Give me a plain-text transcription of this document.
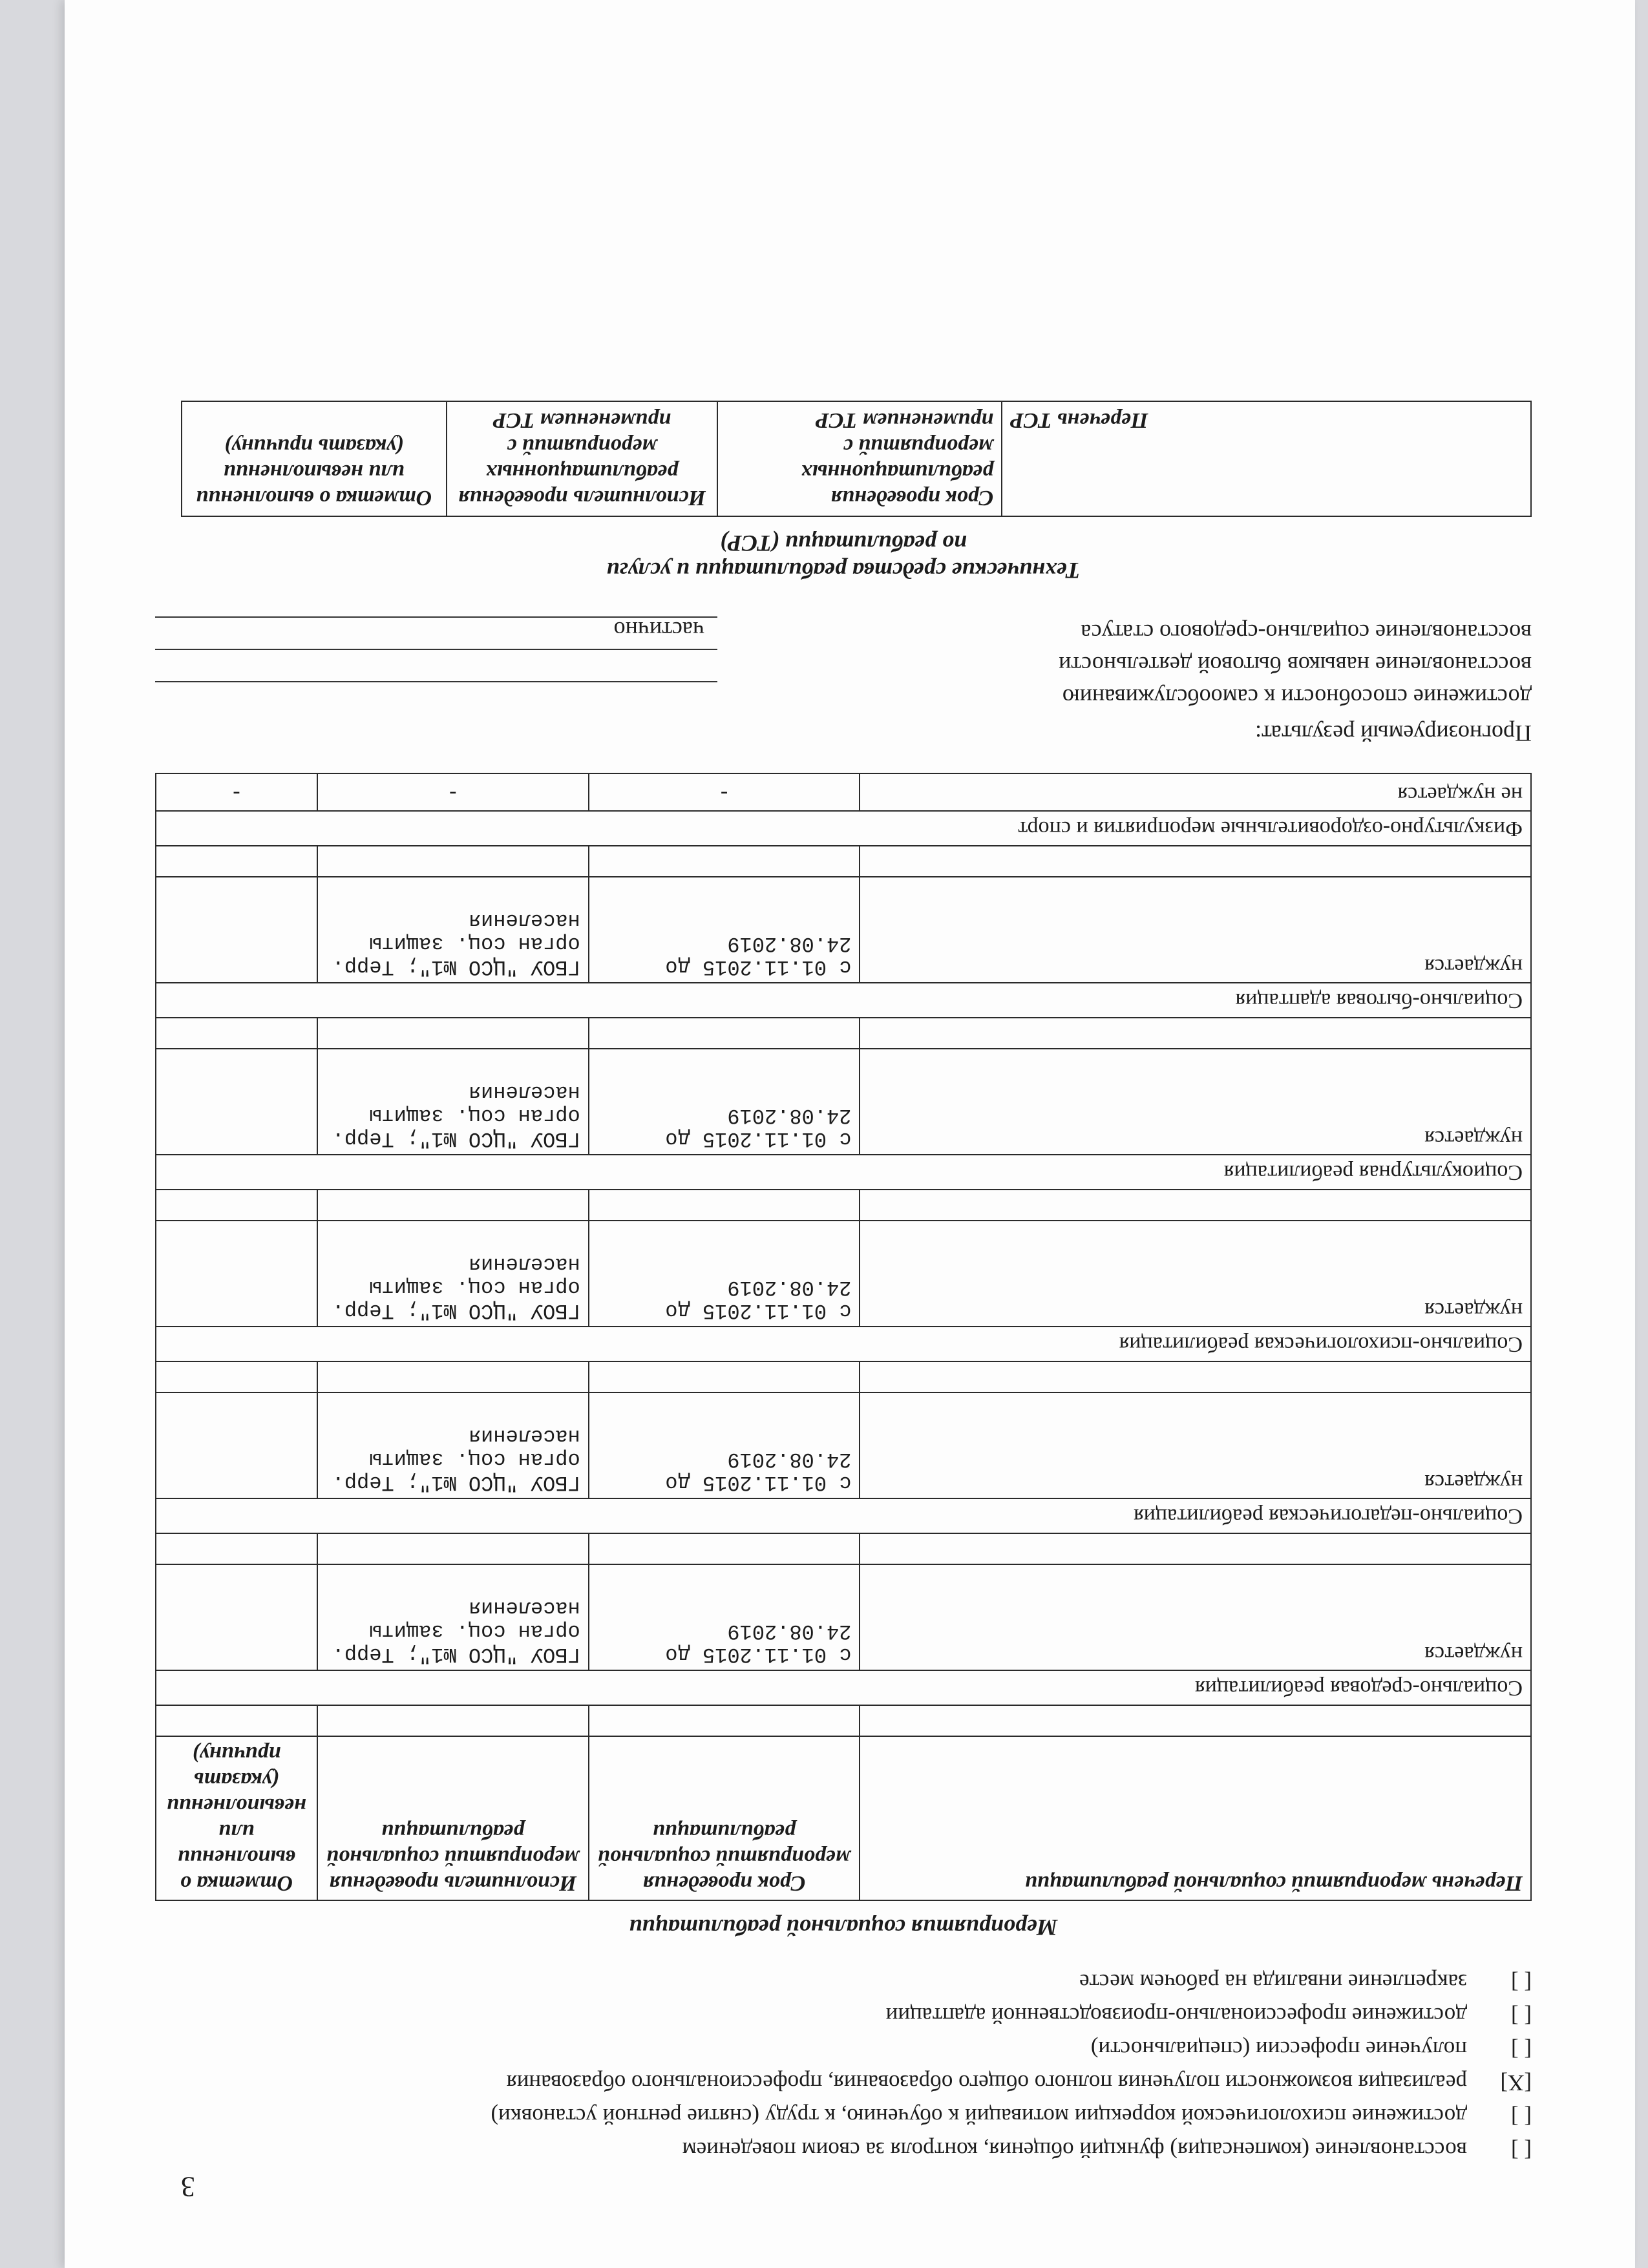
3
[ ]
восстановление (компенсация) функций общения, контроля за своим поведением
[ ]
достижение психологической коррекции мотиваций к обучению, к труду (снятие рентной установки)
[X]
реализация возможности получения полного общего образования, профессионального образования
[ ]
получение профессии (специальности)
[ ]
достижение профессионально-производственной адаптации
[ ]
закрепление инвалида на рабочем месте
Мероприятия социальной реабилитации
Перечень мероприятий социальной реабилитации	Срок проведения мероприятий социальной реабилитации	Исполнитель проведения мероприятий социальной реабилитации	Отметка о выполнении или невыполнении (указать причину)

Социально-средовая реабилитация			
нуждается	с 01.11.2015 до 24.08.2019	ГБОУ "ЦСО №1"; Терр. орган соц. защиты населения	

Социально-педагогическая реабилитация			
нуждается	с 01.11.2015 до 24.08.2019	ГБОУ "ЦСО №1"; Терр. орган соц. защиты населения	

Социально-психологическая реабилитация			
нуждается	с 01.11.2015 до 24.08.2019	ГБОУ "ЦСО №1"; Терр. орган соц. защиты населения	

Социокультурная реабилитация			
нуждается	с 01.11.2015 до 24.08.2019	ГБОУ "ЦСО №1"; Терр. орган соц. защиты населения	

Социально-бытовая адаптация			
нуждается	с 01.11.2015 до 24.08.2019	ГБОУ "ЦСО №1"; Терр. орган соц. защиты населения	

Физкультурно-оздоровительные мероприятия и спорт			
не нуждается	-	-	-
Прогнозируемый результат:
достижение способности к самообслуживанию
восстановление навыков бытовой деятельности
восстановление социально-средового статуса
частично
Технические средства реабилитации и услуги
по реабилитации (ТСР)
Перечень ТСР	Срок проведения реабилитационных мероприятий с применением ТСР	Исполнитель проведения реабилитационных мероприятий с применением ТСР	Отметка о выполнении или невыполнении (указать причину)
